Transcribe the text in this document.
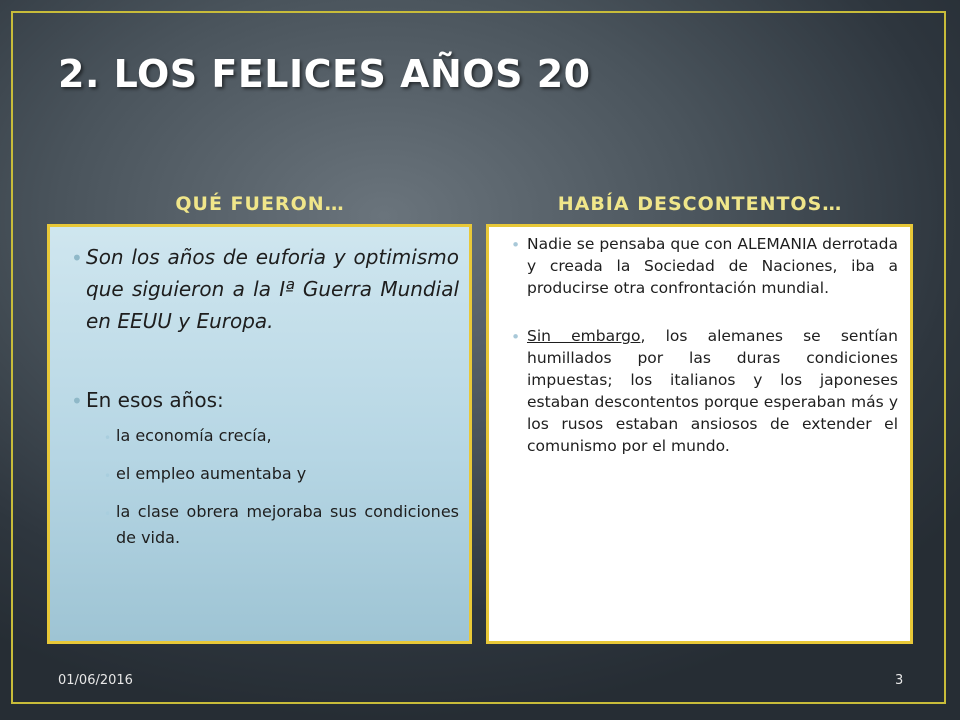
2. LOS FELICES AÑOS 20
QUÉ FUERON…	HABÍA DESCONTENTOS…
• Son los años de euforia y optimismo que siguieron a la Iª Guerra Mundial en EEUU y Europa.
• En esos años:
• la economía crecía,
• el empleo aumentaba y
• la clase obrera mejoraba sus condiciones de vida.
• Nadie se pensaba que con ALEMANIA derrotada y creada la Sociedad de Naciones, iba a producirse otra confrontación mundial.
• Sin embargo, los alemanes se sentían humillados por las duras condiciones impuestas; los italianos y los japoneses estaban descontentos porque esperaban más y los rusos estaban ansiosos de extender el comunismo por el mundo.
01/06/2016	3
